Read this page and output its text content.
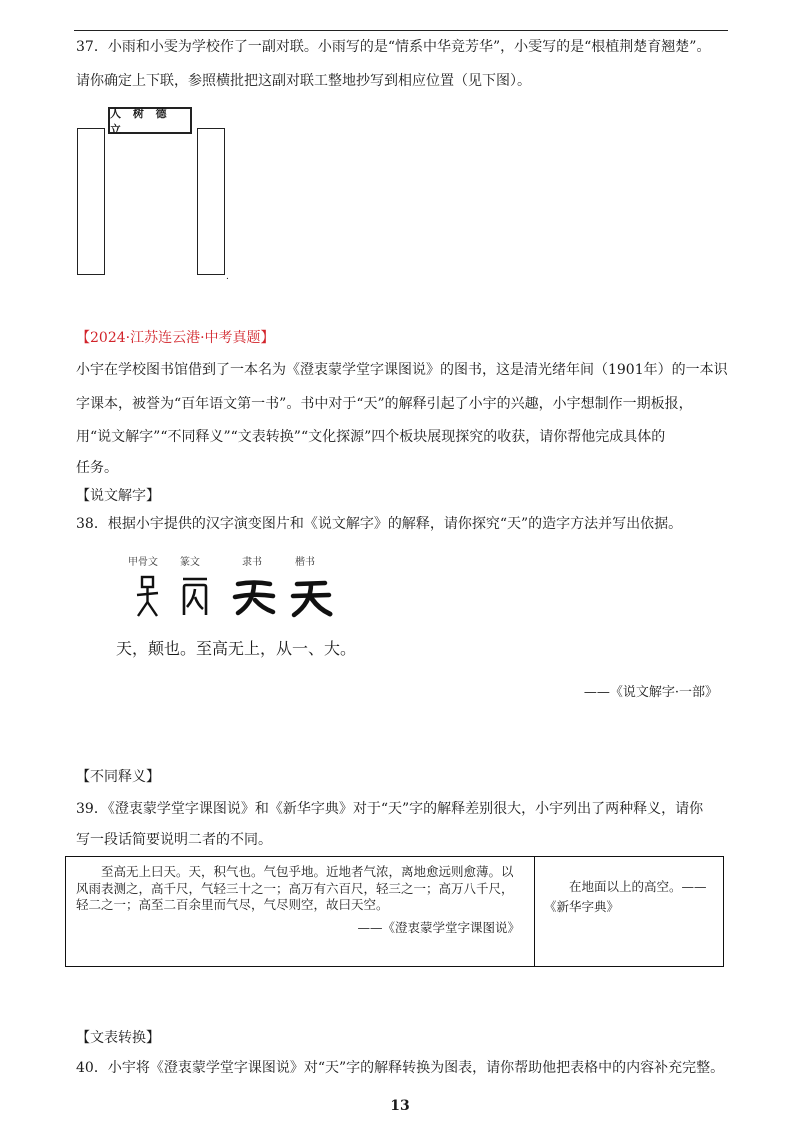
37．小雨和小雯为学校作了一副对联。小雨写的是“情系中华竞芳华”，小雯写的是“根植荆楚育翘楚”。
请你确定上下联，参照横批把这副对联工整地抄写到相应位置（见下图）。
人 树 德 立
.
【2024·江苏连云港·中考真题】
小宇在学校图书馆借到了一本名为《澄衷蒙学堂字课图说》的图书，这是清光绪年间（1901年）的一本识
字课本，被誉为“百年语文第一书”。书中对于“天”的解释引起了小宇的兴趣，小宇想制作一期板报，
用“说文解字”“不同释义”“文表转换”“文化探源”四个板块展现探究的收获，请你帮他完成具体的
任务。
【说文解字】
38．根据小宇提供的汉字演变图片和《说文解字》的解释，请你探究“天”的造字方法并写出依据。
甲骨文 篆文	隶书	楷书
天，颠也。至高无上，从一、大。
——《说文解字·一部》
【不同释义】
39．《澄衷蒙学堂字课图说》和《新华字典》对于“天”字的解释差别很大，小宇列出了两种释义，请你
写一段话简要说明二者的不同。
　　至高无上曰天。天，积气也。气包乎地。近地者气浓，离地愈远则愈薄。以风雨表测之，高千尺，气轻三十之一；高万有六百尺，轻三之一；高万八千尺，轻二之一；高至二百余里而气尽，气尽则空，故曰天空。
——《澄衷蒙学堂字课图说》
　　在地面以上的高空。——《新华字典》
【文表转换】
40．小宇将《澄衷蒙学堂字课图说》对“天”字的解释转换为图表，请你帮助他把表格中的内容补充完整。
13
